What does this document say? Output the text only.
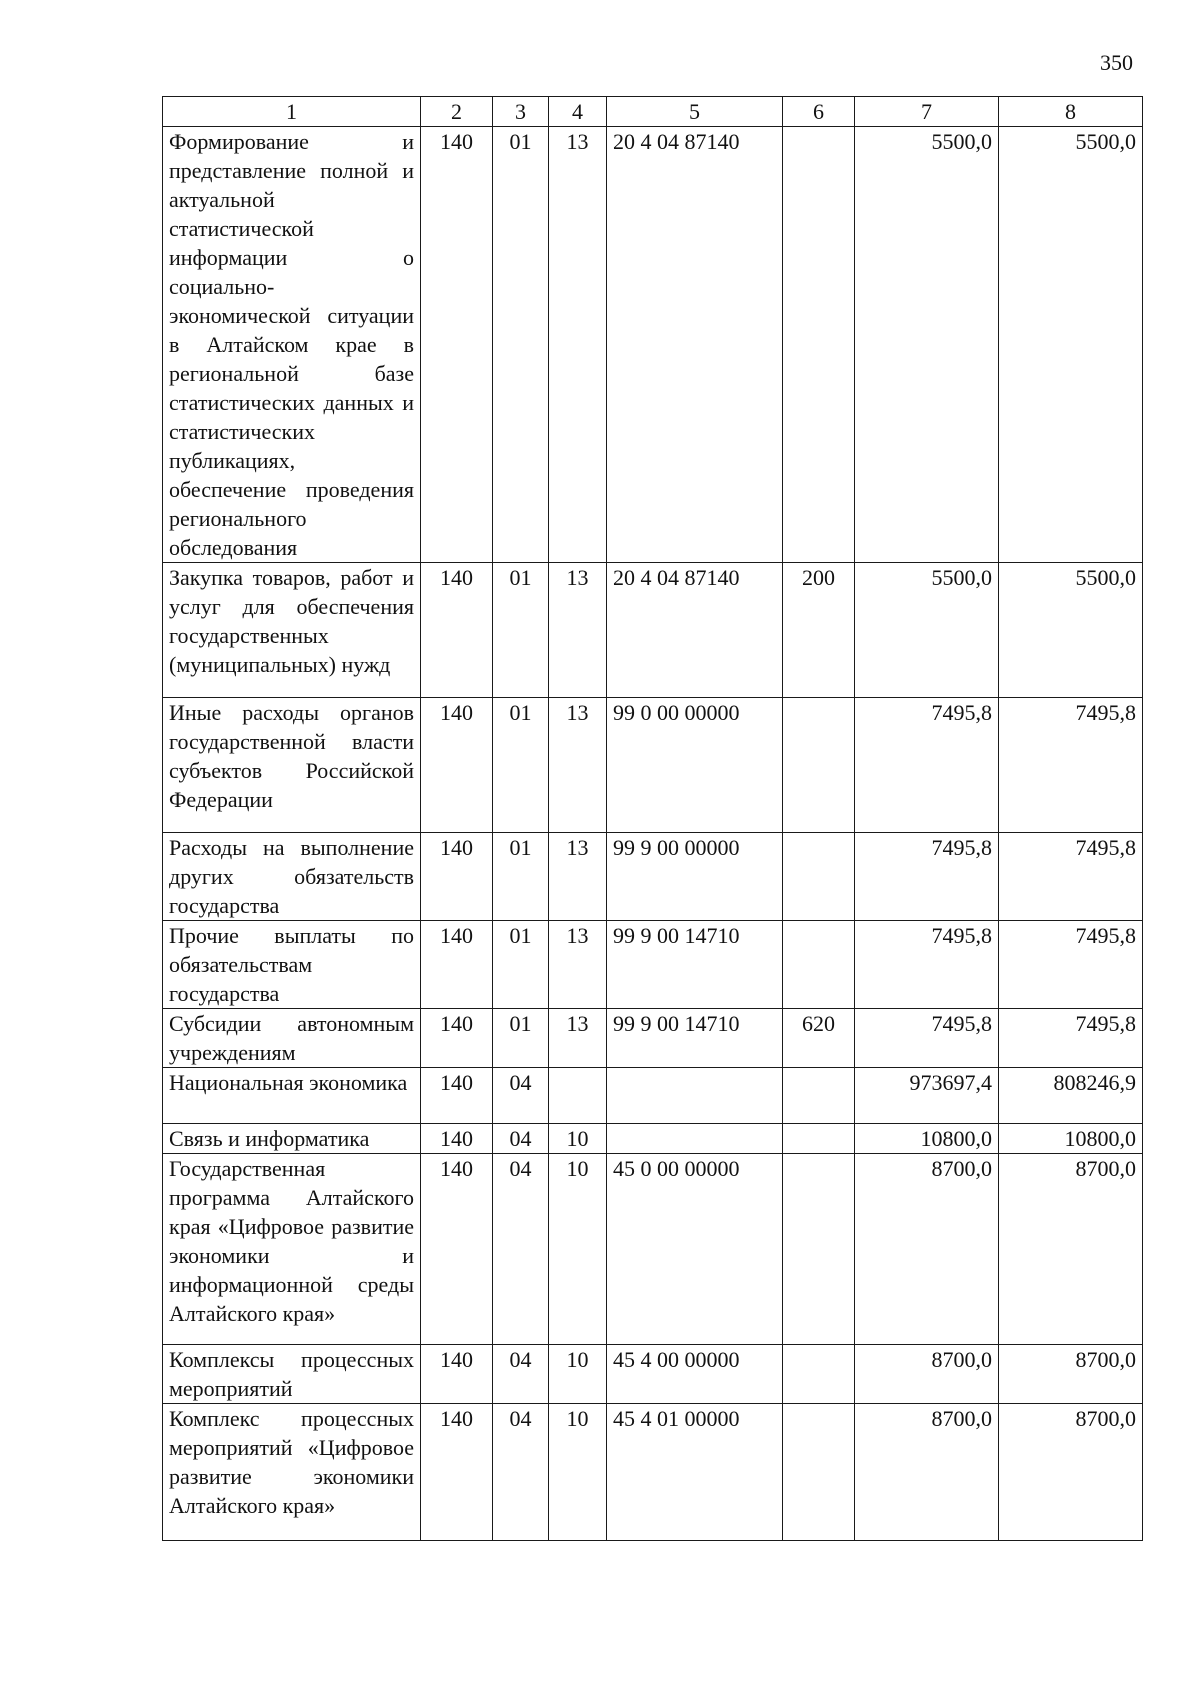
350
1	2	3	4	5	6	7	8
Формирование и представление полной и актуальной статистической информации о социально-экономической ситуации в Алтайском крае в региональной базе статистических данных и статистических публикациях, обеспечение проведения регионального обследования	140	01	13	20 4 04 87140		5500,0	5500,0
Закупка товаров, работ и услуг для обеспечения государственных (муниципальных) нужд	140	01	13	20 4 04 87140	200	5500,0	5500,0
Иные расходы органов государственной власти субъектов Российской Федерации	140	01	13	99 0 00 00000		7495,8	7495,8
Расходы на выполнение других обязательств государства	140	01	13	99 9 00 00000		7495,8	7495,8
Прочие выплаты по обязательствам государства	140	01	13	99 9 00 14710		7495,8	7495,8
Субсидии автономным учреждениям	140	01	13	99 9 00 14710	620	7495,8	7495,8
Национальная экономика	140	04				973697,4	808246,9
Связь и информатика	140	04	10			10800,0	10800,0
Государственная программа Алтайского края «Цифровое развитие экономики и информационной среды Алтайского края»	140	04	10	45 0 00 00000		8700,0	8700,0
Комплексы процессных мероприятий	140	04	10	45 4 00 00000		8700,0	8700,0
Комплекс процессных мероприятий «Цифровое развитие экономики Алтайского края»	140	04	10	45 4 01 00000		8700,0	8700,0
